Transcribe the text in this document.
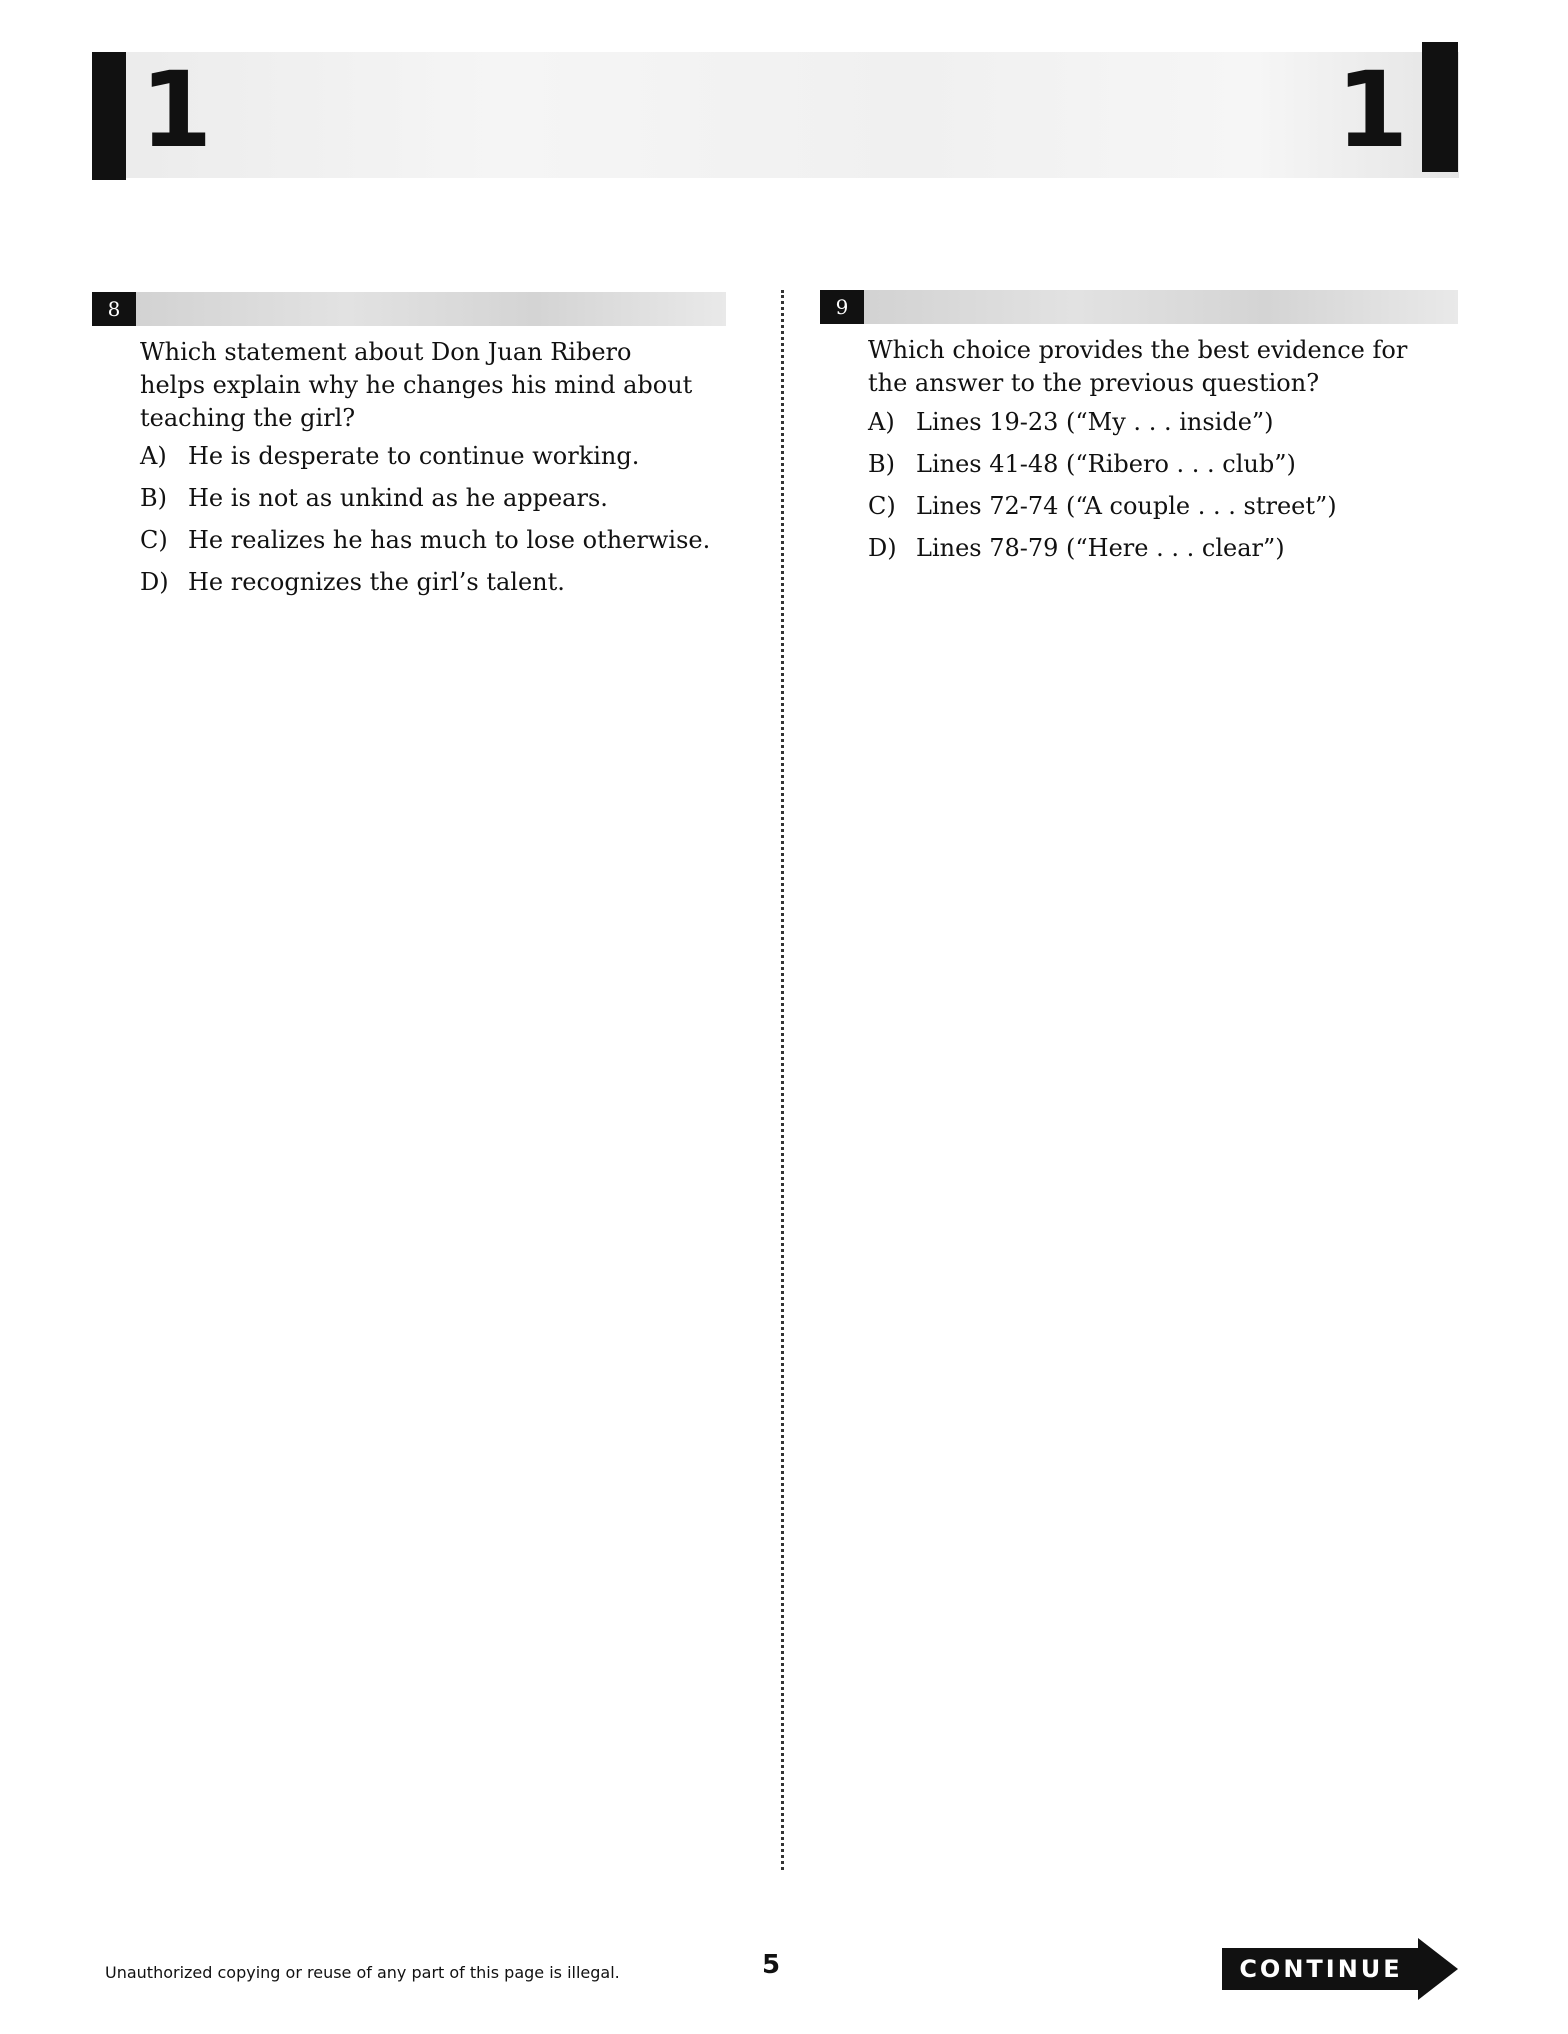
1	1
8

Which statement about Don Juan Ribero helps explain why he changes his mind about teaching the girl?

A) He is desperate to continue working.
B) He is not as unkind as he appears.
C) He realizes he has much to lose otherwise.
D) He recognizes the girl’s talent.
9

Which choice provides the best evidence for the answer to the previous question?

A) Lines 19-23 (“My . . . inside”)
B) Lines 41-48 (“Ribero . . . club”)
C) Lines 72-74 (“A couple . . . street”)
D) Lines 78-79 (“Here . . . clear”)
Unauthorized copying or reuse of any part of this page is illegal.	5	CONTINUE
